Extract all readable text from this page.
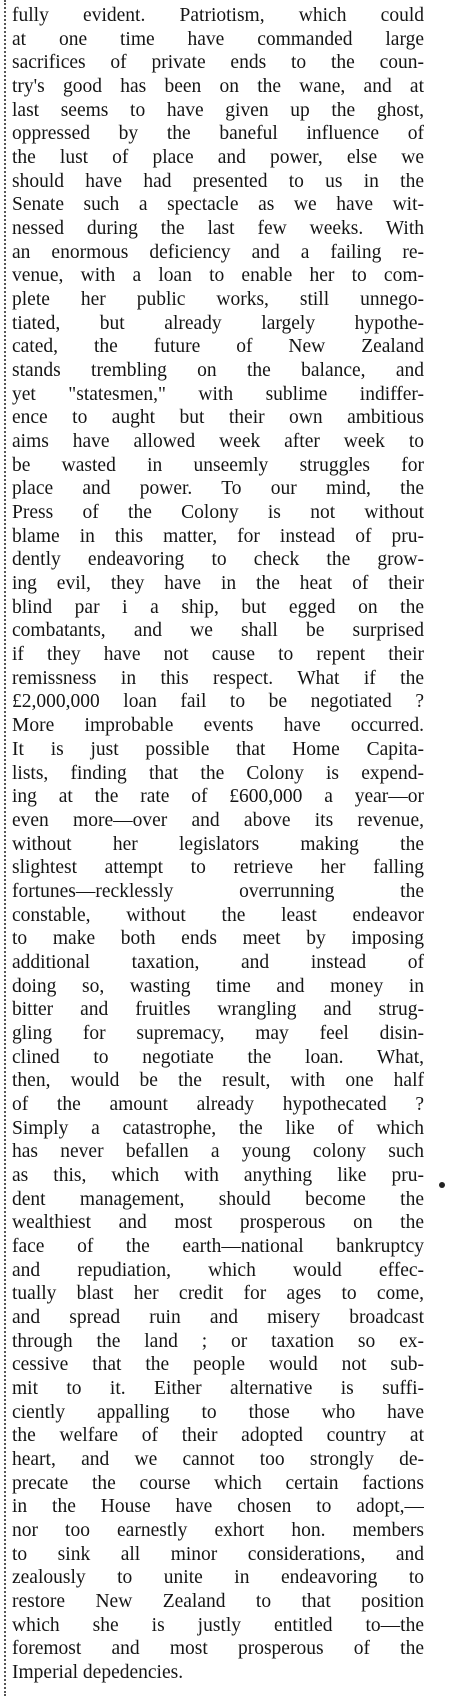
fully evident. Patriotism, which could
at one time have commanded large
sacrifices of private ends to the coun-
try's good has been on the wane, and at
last seems to have given up the ghost,
oppressed by the baneful influence of
the lust of place and power, else we
should have had presented to us in the
Senate such a spectacle as we have wit-
nessed during the last few weeks. With
an enormous deficiency and a failing re-
venue, with a loan to enable her to com-
plete her public works, still unnego-
tiated, but already largely hypothe-
cated, the future of New Zealand
stands trembling on the balance, and
yet "statesmen," with sublime indiffer-
ence to aught but their own ambitious
aims have allowed week after week to
be wasted in unseemly struggles for
place and power. To our mind, the
Press of the Colony is not without
blame in this matter, for instead of pru-
dently endeavoring to check the grow-
ing evil, they have in the heat of their
blind par i a ship, but egged on the
combatants, and we shall be surprised
if they have not cause to repent their
remissness in this respect. What if the
£2,000,000 loan fail to be negotiated ?
More improbable events have occurred.
It is just possible that Home Capita-
lists, finding that the Colony is expend-
ing at the rate of £600,000 a year—or
even more—over and above its revenue,
without her legislators making the
slightest attempt to retrieve her falling
fortunes—recklessly overrunning the
constable, without the least endeavor
to make both ends meet by imposing
additional taxation, and instead of
doing so, wasting time and money in
bitter and fruitles wrangling and strug-
gling for supremacy, may feel disin-
clined to negotiate the loan. What,
then, would be the result, with one half
of the amount already hypothecated ?
Simply a catastrophe, the like of which
has never befallen a young colony such
as this, which with anything like pru-
dent management, should become the
wealthiest and most prosperous on the
face of the earth—national bankruptcy
and repudiation, which would effec-
tually blast her credit for ages to come,
and spread ruin and misery broadcast
through the land ; or taxation so ex-
cessive that the people would not sub-
mit to it. Either alternative is suffi-
ciently appalling to those who have
the welfare of their adopted country at
heart, and we cannot too strongly de-
precate the course which certain factions
in the House have chosen to adopt,—
nor too earnestly exhort hon. members
to sink all minor considerations, and
zealously to unite in endeavoring to
restore New Zealand to that position
which she is justly entitled to—the
foremost and most prosperous of the
Imperial depedencies.
